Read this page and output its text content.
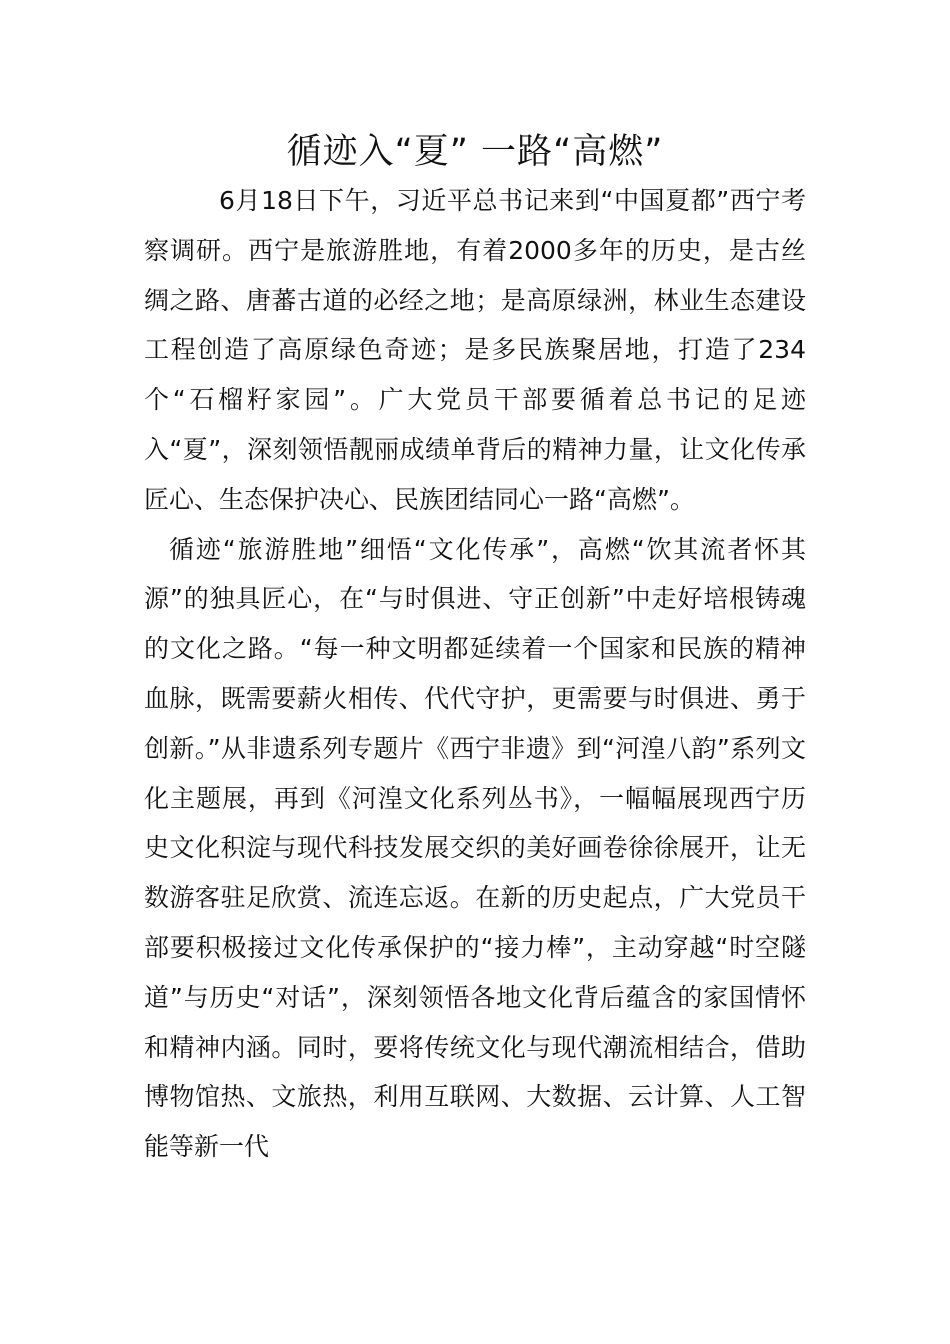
循迹入“夏” 一路“高燃”

6月18日下午，习近平总书记来到“中国夏都”西宁考察调研。西宁是旅游胜地，有着2000多年的历史，是古丝绸之路、唐蕃古道的必经之地；是高原绿洲，林业生态建设工程创造了高原绿色奇迹；是多民族聚居地，打造了234个“石榴籽家园”。广大党员干部要循着总书记的足迹入“夏”，深刻领悟靓丽成绩单背后的精神力量，让文化传承匠心、生态保护决心、民族团结同心一路“高燃”。

循迹“旅游胜地”细悟“文化传承”，高燃“饮其流者怀其源”的独具匠心，在“与时俱进、守正创新”中走好培根铸魂的文化之路。“每一种文明都延续着一个国家和民族的精神血脉，既需要薪火相传、代代守护，更需要与时俱进、勇于创新。”从非遗系列专题片《西宁非遗》到“河湟八韵”系列文化主题展，再到《河湟文化系列丛书》，一幅幅展现西宁历史文化积淀与现代科技发展交织的美好画卷徐徐展开，让无数游客驻足欣赏、流连忘返。在新的历史起点，广大党员干部要积极接过文化传承保护的“接力棒”，主动穿越“时空隧道”与历史“对话”，深刻领悟各地文化背后蕴含的家国情怀和精神内涵。同时，要将传统文化与现代潮流相结合，借助博物馆热、文旅热，利用互联网、大数据、云计算、人工智能等新一代
